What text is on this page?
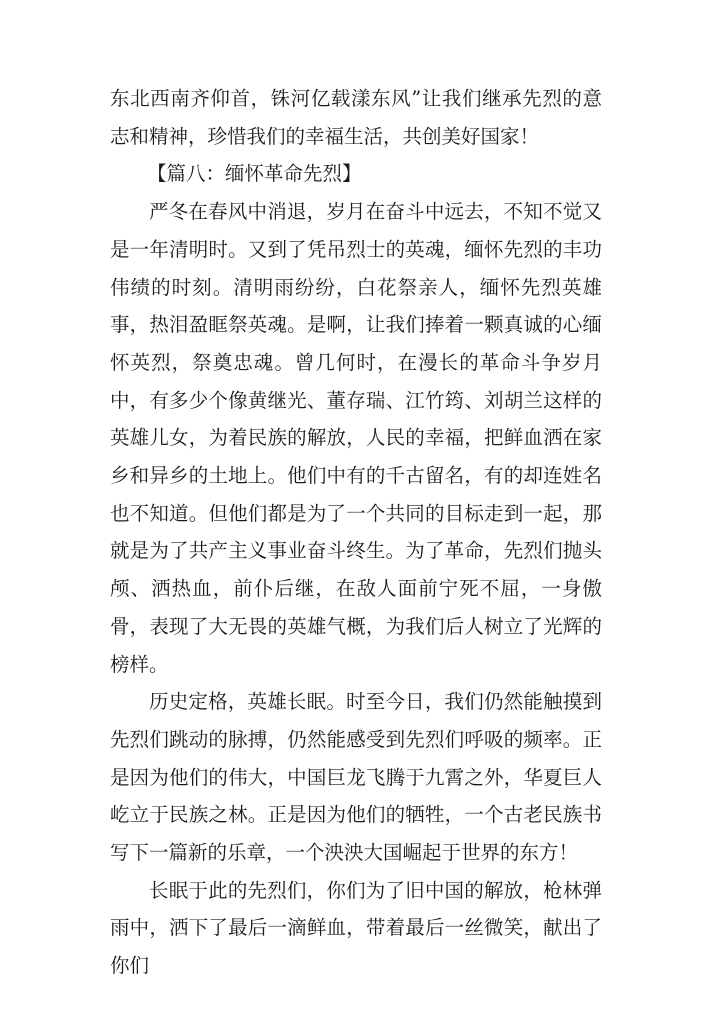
东北西南齐仰首，铢河亿载漾东风”让我们继承先烈的意志和精神，珍惜我们的幸福生活，共创美好国家！

【篇八：缅怀革命先烈】

严冬在春风中消退，岁月在奋斗中远去，不知不觉又是一年清明时。又到了凭吊烈士的英魂，缅怀先烈的丰功伟绩的时刻。清明雨纷纷，白花祭亲人，缅怀先烈英雄事，热泪盈眶祭英魂。是啊，让我们捧着一颗真诚的心缅怀英烈，祭奠忠魂。曾几何时，在漫长的革命斗争岁月中，有多少个像黄继光、董存瑞、江竹筠、刘胡兰这样的英雄儿女，为着民族的解放，人民的幸福，把鲜血洒在家乡和异乡的土地上。他们中有的千古留名，有的却连姓名也不知道。但他们都是为了一个共同的目标走到一起，那就是为了共产主义事业奋斗终生。为了革命，先烈们抛头颅、洒热血，前仆后继，在敌人面前宁死不屈，一身傲骨，表现了大无畏的英雄气概，为我们后人树立了光辉的榜样。

历史定格，英雄长眠。时至今日，我们仍然能触摸到先烈们跳动的脉搏，仍然能感受到先烈们呼吸的频率。正是因为他们的伟大，中国巨龙飞腾于九霄之外，华夏巨人屹立于民族之林。正是因为他们的牺牲，一个古老民族书写下一篇新的乐章，一个泱泱大国崛起于世界的东方！

长眠于此的先烈们，你们为了旧中国的解放，枪林弹雨中，洒下了最后一滴鲜血，带着最后一丝微笑，献出了你们
